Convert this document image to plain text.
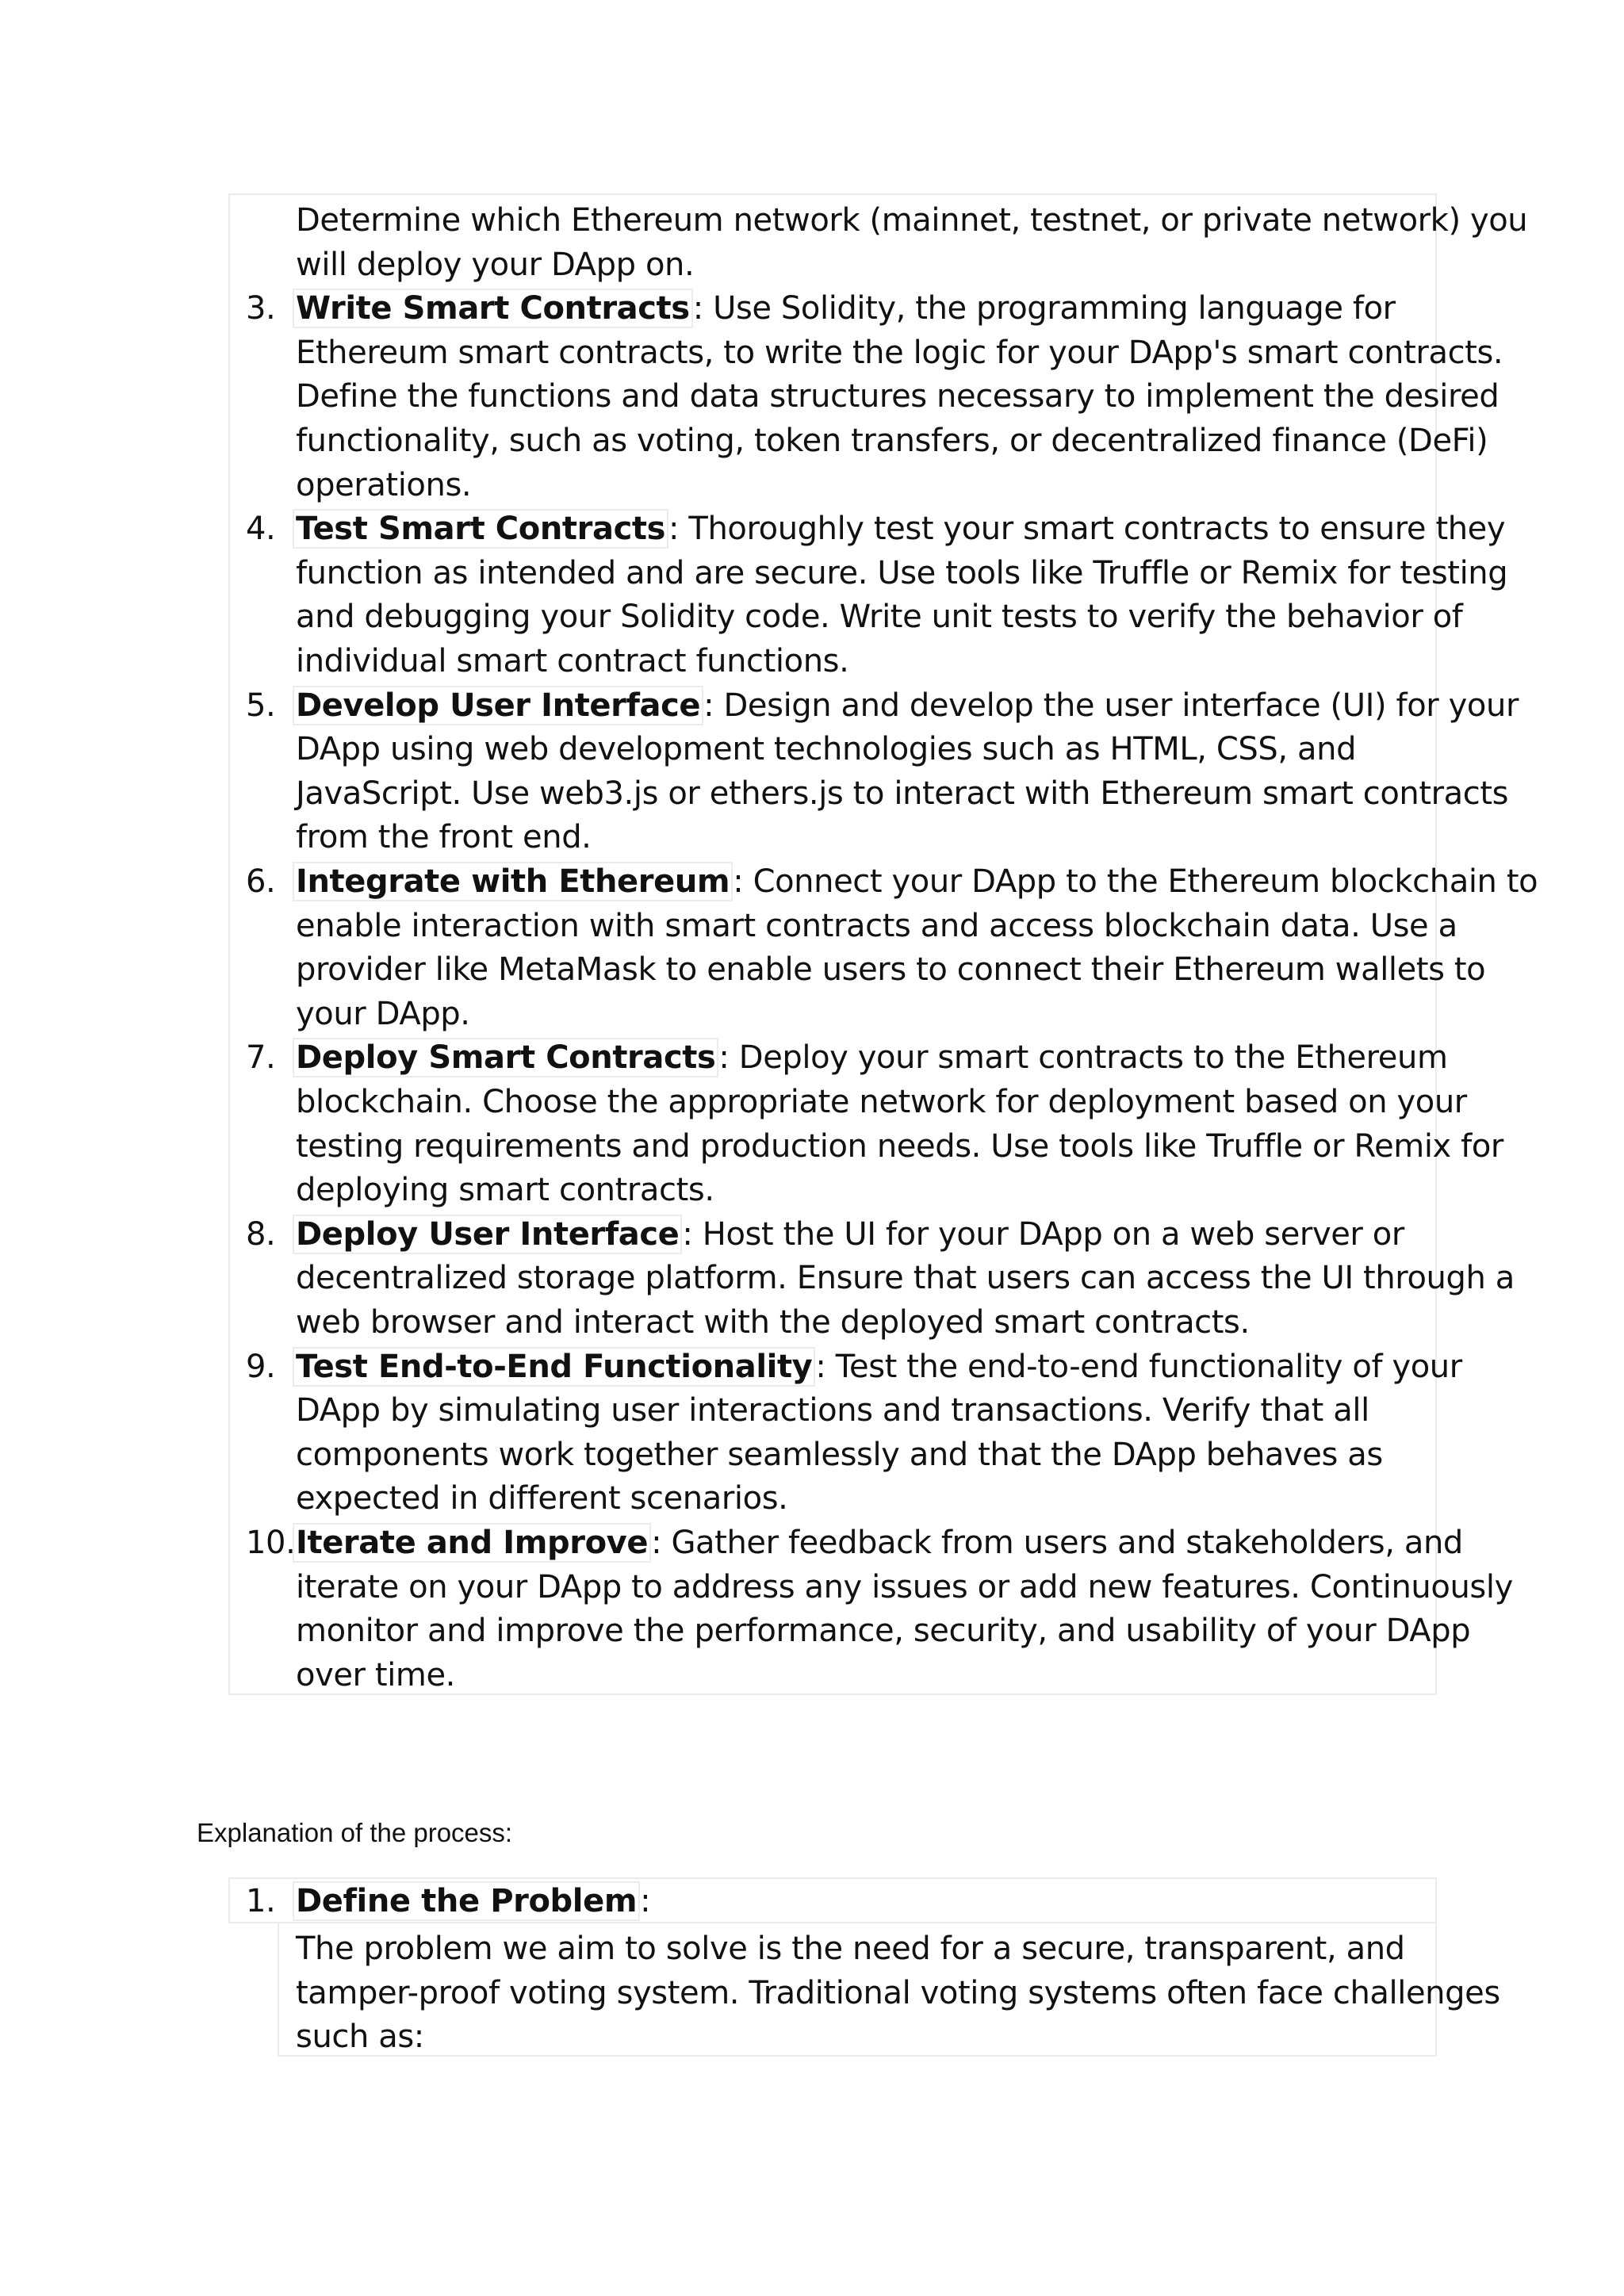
Determine which Ethereum network (mainnet, testnet, or private network) you
will deploy your DApp on.
3. Write Smart Contracts : Use Solidity, the programming language for
Ethereum smart contracts, to write the logic for your DApp's smart contracts.
Define the functions and data structures necessary to implement the desired
functionality, such as voting, token transfers, or decentralized finance (DeFi)
operations.
4. Test Smart Contracts : Thoroughly test your smart contracts to ensure they
function as intended and are secure. Use tools like Truffle or Remix for testing
and debugging your Solidity code. Write unit tests to verify the behavior of
individual smart contract functions.
5. Develop User Interface : Design and develop the user interface (UI) for your
DApp using web development technologies such as HTML, CSS, and
JavaScript. Use web3.js or ethers.js to interact with Ethereum smart contracts
from the front end.
6. Integrate with Ethereum : Connect your DApp to the Ethereum blockchain to
enable interaction with smart contracts and access blockchain data. Use a
provider like MetaMask to enable users to connect their Ethereum wallets to
your DApp.
7. Deploy Smart Contracts : Deploy your smart contracts to the Ethereum
blockchain. Choose the appropriate network for deployment based on your
testing requirements and production needs. Use tools like Truffle or Remix for
deploying smart contracts.
8. Deploy User Interface : Host the UI for your DApp on a web server or
decentralized storage platform. Ensure that users can access the UI through a
web browser and interact with the deployed smart contracts.
9. Test End-to-End Functionality : Test the end-to-end functionality of your
DApp by simulating user interactions and transactions. Verify that all
components work together seamlessly and that the DApp behaves as
expected in different scenarios.
10. Iterate and Improve : Gather feedback from users and stakeholders, and
iterate on your DApp to address any issues or add new features. Continuously
monitor and improve the performance, security, and usability of your DApp
over time.
Explanation of the process:
1. Define the Problem :
The problem we aim to solve is the need for a secure, transparent, and
tamper-proof voting system. Traditional voting systems often face challenges
such as:
